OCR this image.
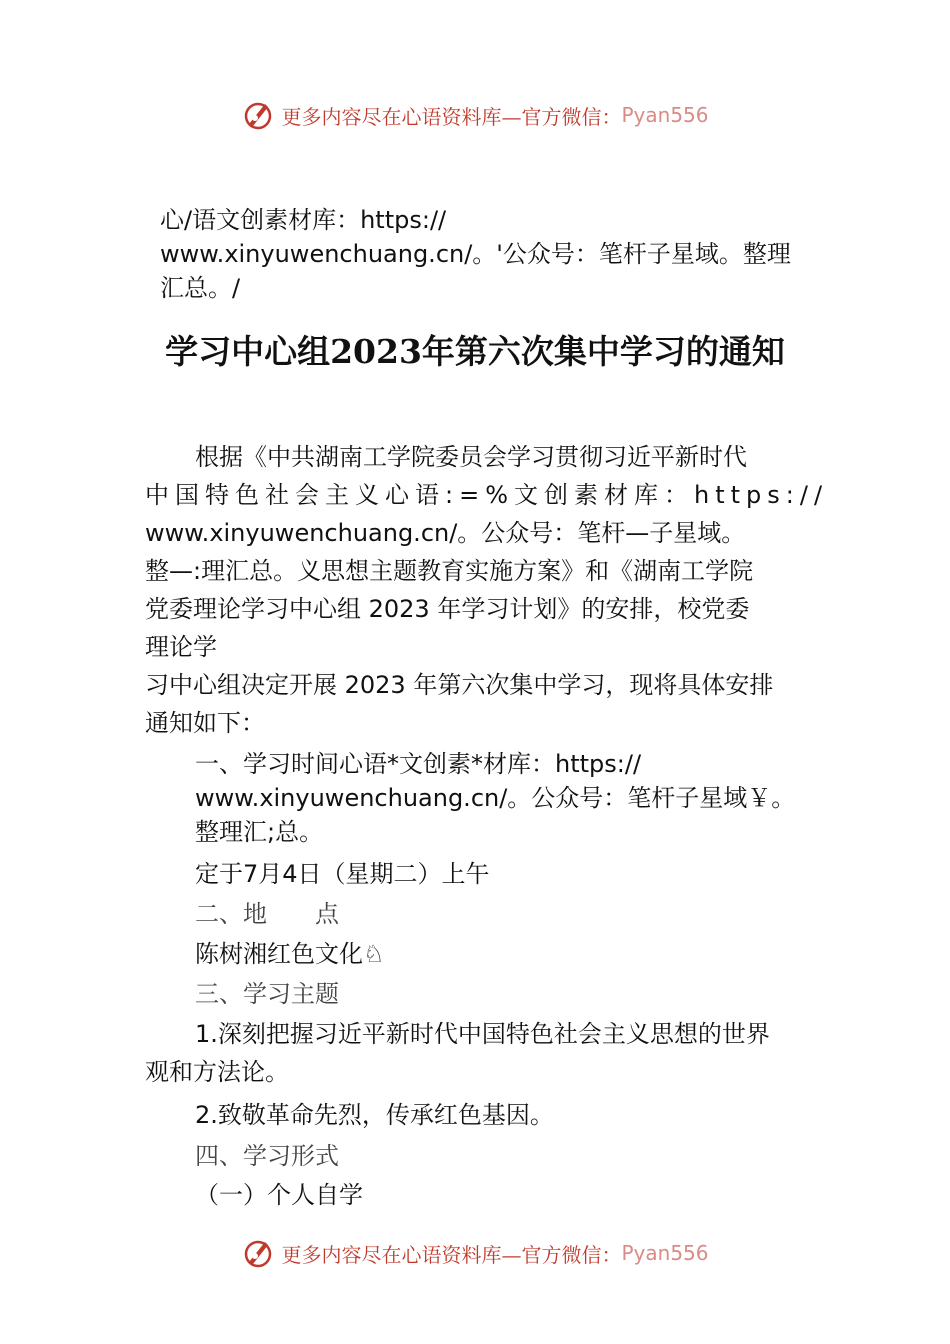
更多内容尽在心语资料库—官方微信： Pyan556
心/语文创素材库：https://
www.xinyuwenchuang.cn/。'公众号：笔杆子星域。整理
汇总。/
学习中心组2023年第六次集中学习的通知
根据《中共湖南工学院委员会学习贯彻习近平新时代
中国特色社会主义心语:=%文创素材库：https://
www.xinyuwenchuang.cn/。公众号：笔杆—子星域。
整—:理汇总。义思想主题教育实施方案》和《湖南工学院
党委理论学习中心组 2023 年学习计划》的安排，校党委
理论学
习中心组决定开展 2023 年第六次集中学习，现将具体安排
通知如下：
一、学习时间心语*文创素*材库：https://
www.xinyuwenchuang.cn/。公众号：笔杆子星域￥。
整理汇;总。
定于7月4日（星期二）上午
二、地　　点
陈树湘红色文化♘
三、学习主题
1.深刻把握习近平新时代中国特色社会主义思想的世界
观和方法论。
2.致敬革命先烈，传承红色基因。
四、学习形式
（一）个人自学
更多内容尽在心语资料库—官方微信： Pyan556
